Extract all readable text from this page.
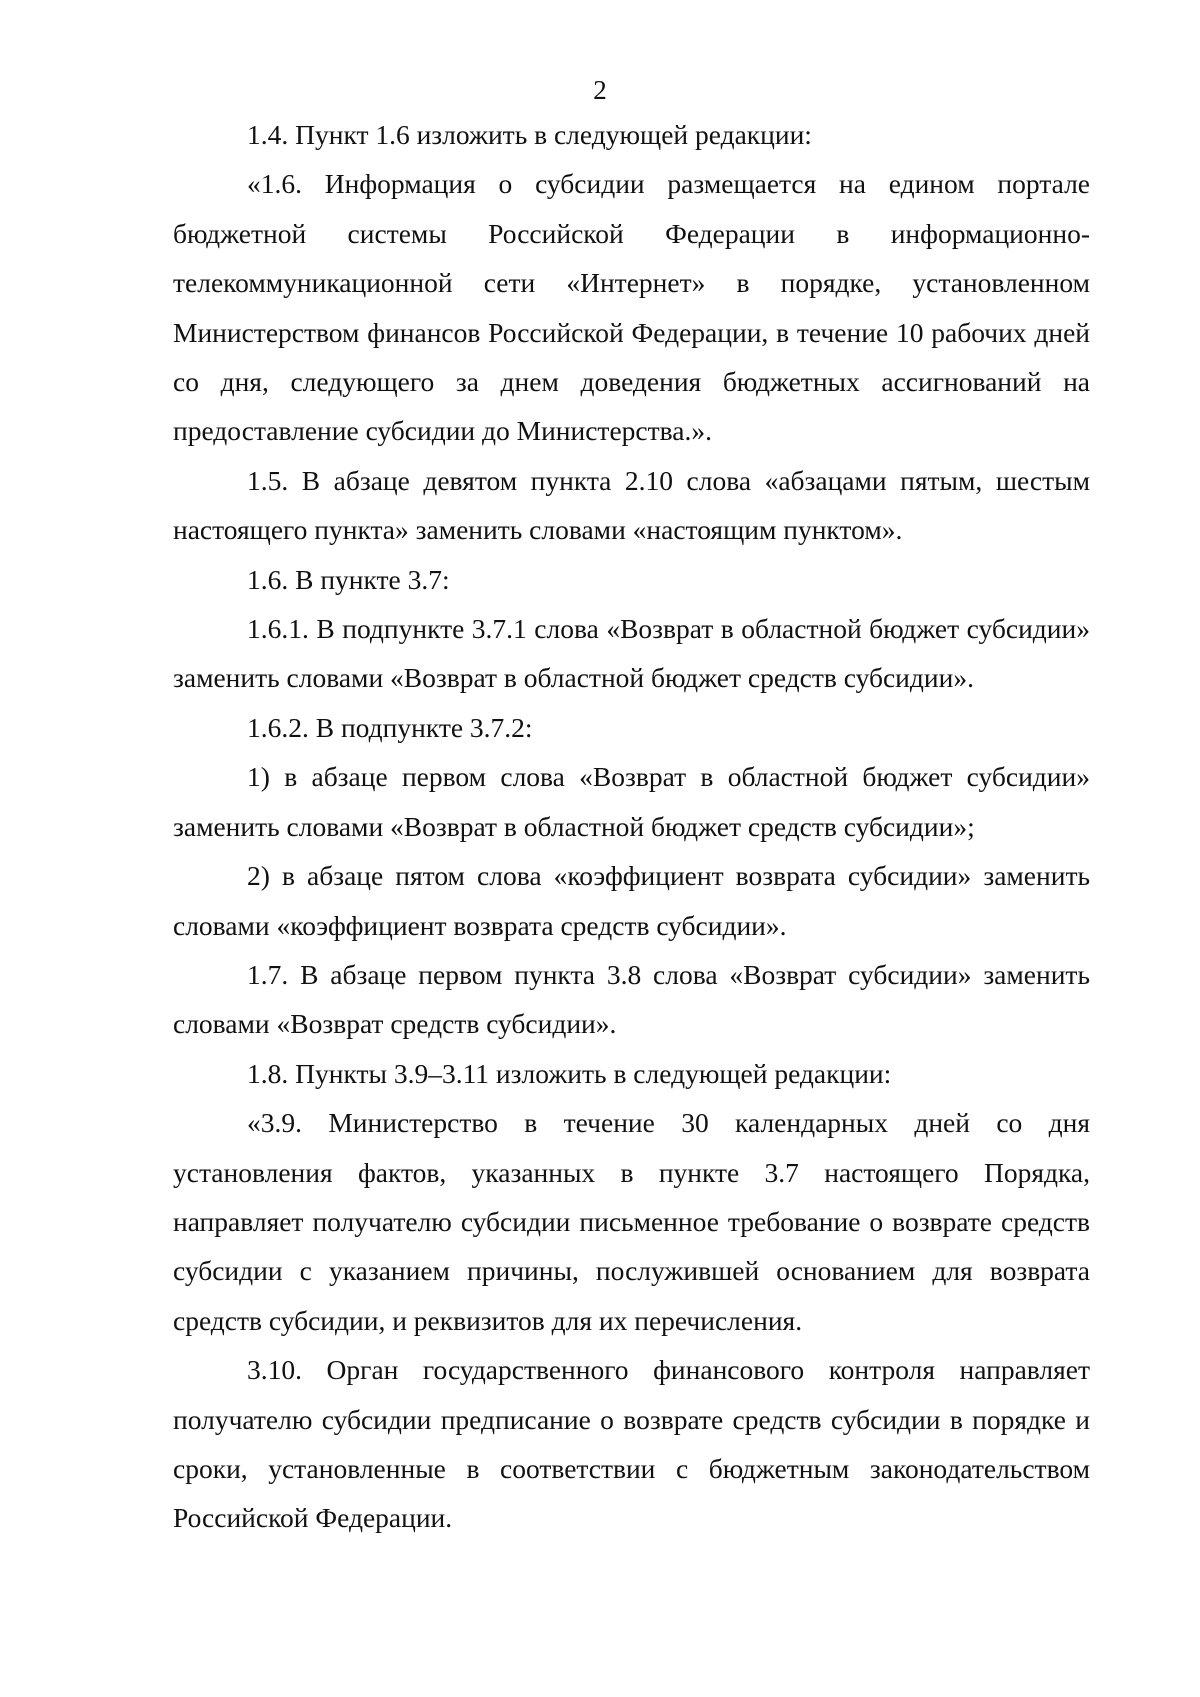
2

1.4. Пункт 1.6 изложить в следующей редакции:

«1.6. Информация о субсидии размещается на едином портале бюджетной системы Российской Федерации в информационно-телекоммуникационной сети «Интернет» в порядке, установленном Министерством финансов Российской Федерации, в течение 10 рабочих дней со дня, следующего за днем доведения бюджетных ассигнований на предоставление субсидии до Министерства.».

1.5. В абзаце девятом пункта 2.10 слова «абзацами пятым, шестым настоящего пункта» заменить словами «настоящим пунктом».

1.6. В пункте 3.7:

1.6.1. В подпункте 3.7.1 слова «Возврат в областной бюджет субсидии» заменить словами «Возврат в областной бюджет средств субсидии».

1.6.2. В подпункте 3.7.2:

1) в абзаце первом слова «Возврат в областной бюджет субсидии» заменить словами «Возврат в областной бюджет средств субсидии»;

2) в абзаце пятом слова «коэффициент возврата субсидии» заменить словами «коэффициент возврата средств субсидии».

1.7. В абзаце первом пункта 3.8 слова «Возврат субсидии» заменить словами «Возврат средств субсидии».

1.8. Пункты 3.9–3.11 изложить в следующей редакции:

«3.9. Министерство в течение 30 календарных дней со дня установления фактов, указанных в пункте 3.7 настоящего Порядка, направляет получателю субсидии письменное требование о возврате средств субсидии с указанием причины, послужившей основанием для возврата средств субсидии, и реквизитов для их перечисления.

3.10. Орган государственного финансового контроля направляет получателю субсидии предписание о возврате средств субсидии в порядке и сроки, установленные в соответствии с бюджетным законодательством Российской Федерации.
